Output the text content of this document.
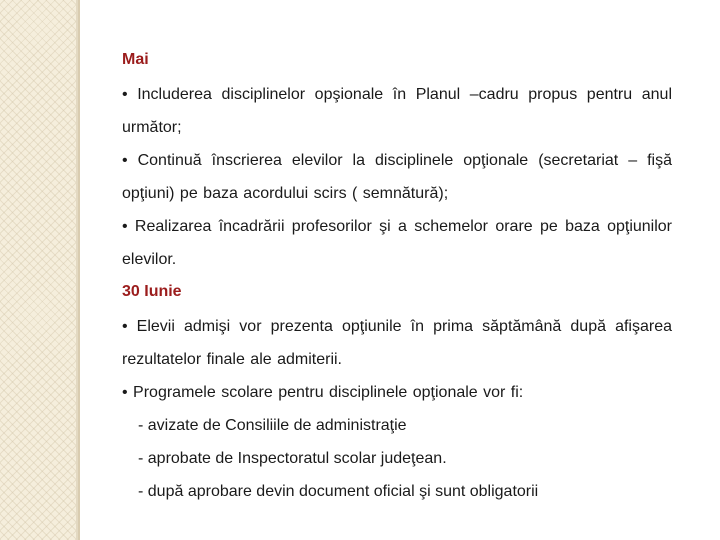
Mai

• Includerea disciplinelor opşionale în Planul –cadru propus pentru anul următor;

• Continuă înscrierea elevilor la disciplinele opţionale (secretariat – fişă opţiuni) pe baza acordului scirs ( semnătură);

• Realizarea încadrării profesorilor şi a schemelor orare pe baza opţiunilor elevilor.

30 Iunie

• Elevii admişi vor prezenta opţiunile în prima săptămână după afişarea rezultatelor finale ale admiterii.

• Programele scolare pentru disciplinele opţionale vor fi:

- avizate de Consiliile de administraţie

- aprobate de Inspectoratul scolar judeţean.

- după aprobare devin document oficial şi sunt obligatorii
